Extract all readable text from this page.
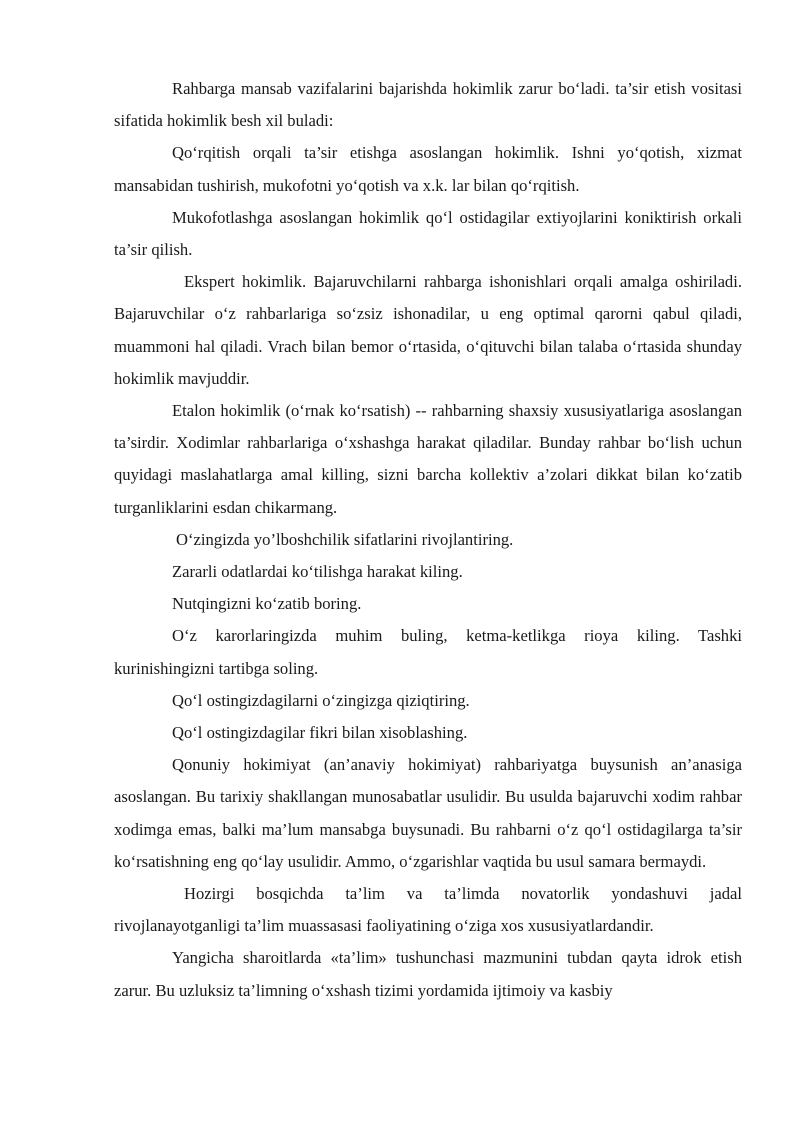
Rahbarga mansab vazifalarini bajarishda hokimlik zarur bo‘ladi. ta’sir etish vositasi sifatida hokimlik besh xil buladi:

Qo‘rqitish orqali ta’sir etishga asoslangan hokimlik. Ishni yo‘qotish, xizmat mansabidan tushirish, mukofotni yo‘qotish va x.k. lar bilan qo‘rqitish.

Mukofotlashga asoslangan hokimlik qo‘l ostidagilar extiyojlarini koniktirish orkali ta’sir qilish.

Ekspert hokimlik. Bajaruvchilarni rahbarga ishonishlari orqali amalga oshiriladi. Bajaruvchilar o‘z rahbarlariga so‘zsiz ishonadilar, u eng optimal qarorni qabul qiladi, muammoni hal qiladi. Vrach bilan bemor o‘rtasida, o‘qituvchi bilan talaba o‘rtasida shunday hokimlik mavjuddir.

Etalon hokimlik (o‘rnak ko‘rsatish) -- rahbarning shaxsiy xususiyatlariga asoslangan ta’sirdir. Xodimlar rahbarlariga o‘xshashga harakat qiladilar. Bunday rahbar bo‘lish uchun quyidagi maslahatlarga amal killing, sizni barcha kollektiv a’zolari dikkat bilan ko‘zatib turganliklarini esdan chikarmang.

O‘zingizda yo’lboshchilik sifatlarini rivojlantiring.

Zararli odatlardai ko‘tilishga harakat kiling.

Nutqingizni ko‘zatib boring.

O‘z karorlaringizda muhim buling, ketma-ketlikga rioya kiling. Tashki kurinishingizni tartibga soling.

Qo‘l ostingizdagilarni o‘zingizga qiziqtiring.

Qo‘l ostingizdagilar fikri bilan xisoblashing.

Qonuniy hokimiyat (an’anaviy hokimiyat) rahbariyatga buysunish an’anasiga asoslangan. Bu tarixiy shakllangan munosabatlar usulidir. Bu usulda bajaruvchi xodim rahbar xodimga emas, balki ma’lum mansabga buysunadi. Bu rahbarni o‘z qo‘l ostidagilarga ta’sir ko‘rsatishning eng qo‘lay usulidir. Ammo, o‘zgarishlar vaqtida bu usul samara bermaydi.

Hozirgi bosqichda ta’lim va ta’limda novatorlik yondashuvi jadal rivojlanayotganligi ta’lim muassasasi faoliyatining o‘ziga xos xususiyatlardandir.

Yangicha sharoitlarda «ta’lim» tushunchasi mazmunini tubdan qayta idrok etish zarur. Bu uzluksiz ta’limning o‘xshash tizimi yordamida ijtimoiy va kasbiy
